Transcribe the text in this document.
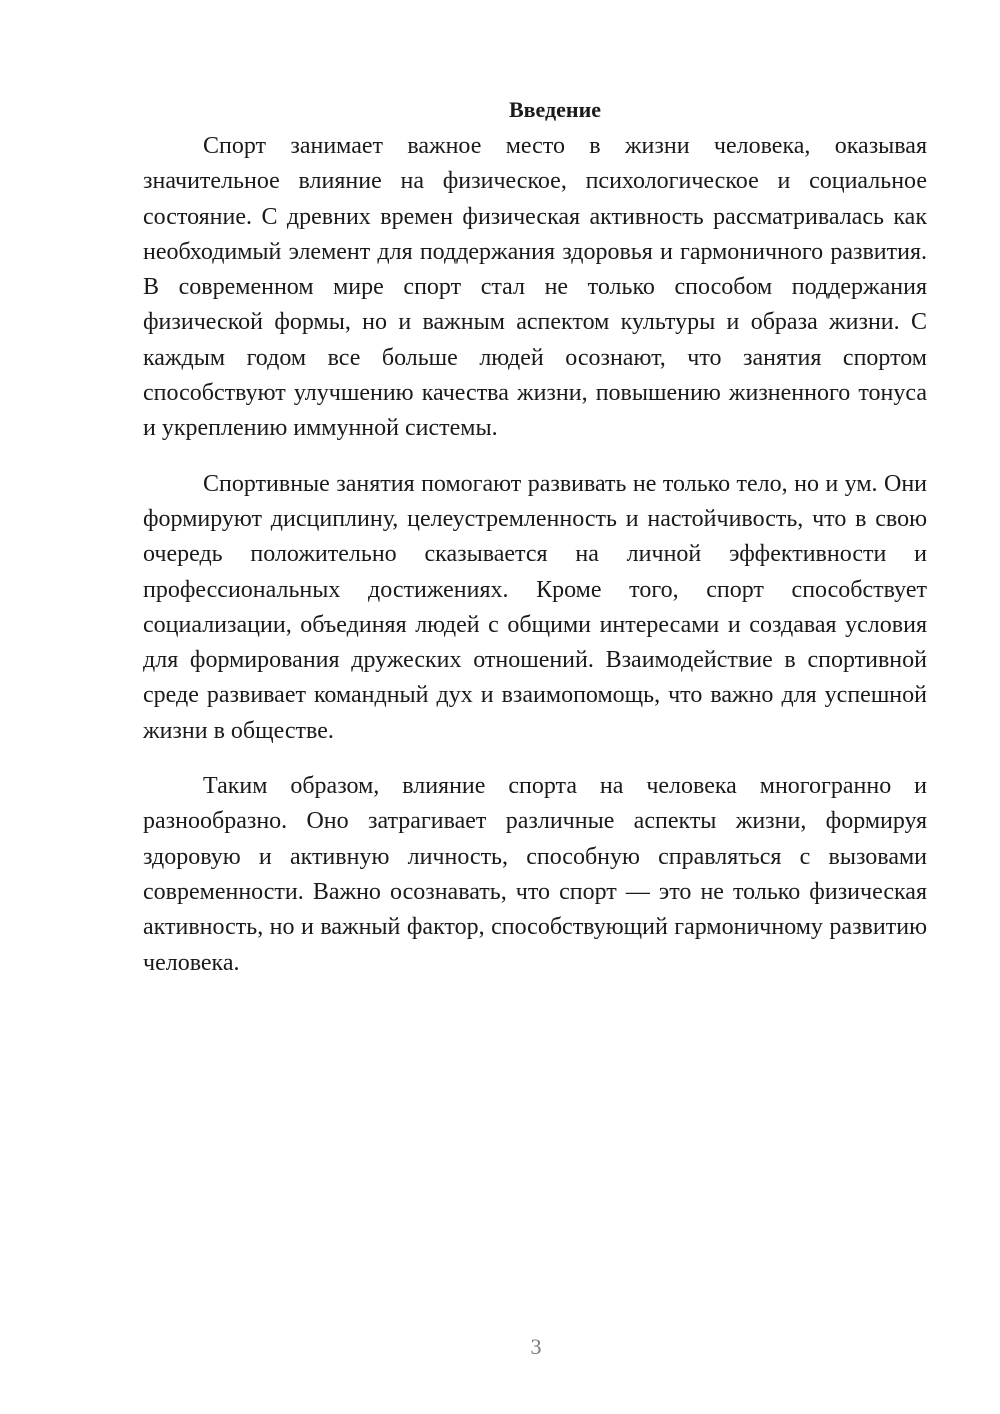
Введение

Спорт занимает важное место в жизни человека, оказывая значительное влияние на физическое, психологическое и социальное состояние. С древних времен физическая активность рассматривалась как необходимый элемент для поддержания здоровья и гармоничного развития. В современном мире спорт стал не только способом поддержания физической формы, но и важным аспектом культуры и образа жизни. С каждым годом все больше людей осознают, что занятия спортом способствуют улучшению качества жизни, повышению жизненного тонуса и укреплению иммунной системы.

Спортивные занятия помогают развивать не только тело, но и ум. Они формируют дисциплину, целеустремленность и настойчивость, что в свою очередь положительно сказывается на личной эффективности и профессиональных достижениях. Кроме того, спорт способствует социализации, объединяя людей с общими интересами и создавая условия для формирования дружеских отношений. Взаимодействие в спортивной среде развивает командный дух и взаимопомощь, что важно для успешной жизни в обществе.

Таким образом, влияние спорта на человека многогранно и разнообразно. Оно затрагивает различные аспекты жизни, формируя здоровую и активную личность, способную справляться с вызовами современности. Важно осознавать, что спорт — это не только физическая активность, но и важный фактор, способствующий гармоничному развитию человека.

3
